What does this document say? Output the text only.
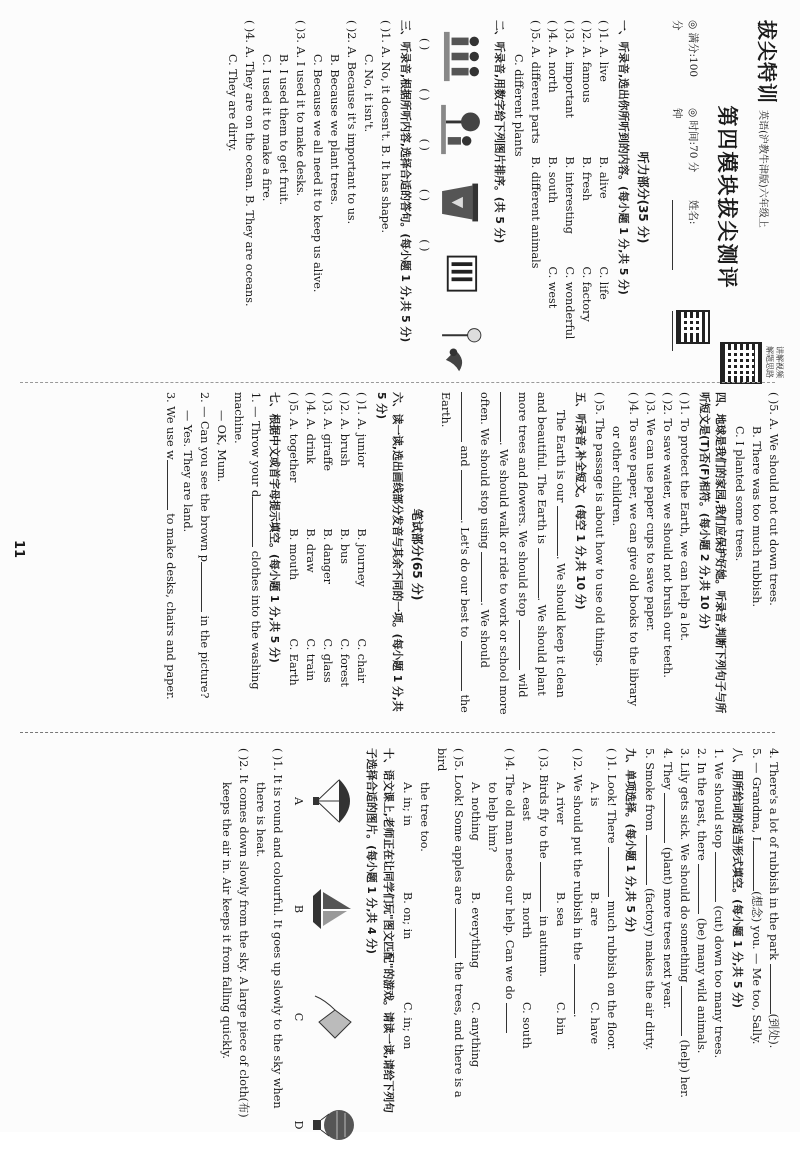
拔尖特训
英语(沪教牛津版)六年级上
第四模块拔尖测评
讲解视频 解题思路
◎ 满分:100 分
◎ 时间:70 分钟
姓名:
听力部分(35 分)
一、听录音,选出你所听到的内容。(每小题 1 分,共 5 分)
( )1. A. liveB. aliveC. life
( )2. A. famousB. freshC. factory
( )3. A. importantB. interestingC. wonderful
( )4. A. northB. southC. west
( )5. A. different partsB. different animals
C. different plants
二、听录音,用数字给下列图片排序。(共 5 分)
( )
( )
( )
( )
( )
三、听录音,根据所听内容,选择合适的答句。(每小题 1 分,共 5 分)
( )1. A. No, it doesn't. B. It has shape.
C. No, it isn't.
( )2. A. Because it's important to us.
B. Because we plant trees.
C. Because we all need it to keep us alive.
( )3. A. I used it to make desks.
B. I used them to get fruit.
C. I used it to make a fire.
( )4. A. They are on the ocean. B. They are oceans.
C. They are dirty.
( )5. A. We should not cut down trees.
B. There was too much rubbish.
C. I planted some trees.
四、地球是我们的家园,我们应保护好她。听录音,判断下列句子与所听短文是(T)否(F)相符。(每小题 2 分,共 10 分)
( )1. To protect the Earth, we can help a lot.
( )2. To save water, we should not brush our teeth.
( )3. We can use paper cups to save paper.
( )4. To save paper, we can give old books to the library or other children.
( )5. The passage is about how to use old things.
五、听录音,补全短文。(每空 1 分,共 10 分)
The Earth is our . We should keep it clean and beautiful. The Earth is . We should plant more trees and flowers. We should stop  wild . We should walk or ride to work or school more often. We should stop using . We should  and . Let's do our best to  the Earth.
笔试部分(65 分)
六、读一读,选出画线部分发音与其余不同的一项。(每小题 1 分,共 5 分)
( )1. A. juniorB. journeyC. chair
( )2. A. brushB. busC. forest
( )3. A. giraffeB. dangerC. glass
( )4. A. drinkB. drawC. train
( )5. A. togetherB. mouthC. Earth
七、根据中文或首字母提示填空。(每小题 1 分,共 5 分)
1. — Throw your d clothes into the washing machine.
— OK, Mum.
2. — Can you see the brown p in the picture?
— Yes. They are land.
3. We use w to make desks, chairs and paper.
11
4. There's a lot of rubbish in the park (到处).
5. — Grandma, I(想念) you. — Me too, Sally.
八、用所给词的适当形式填空。(每小题 1 分,共 5 分)
1. We should stop  (cut) down too many trees.
2. In the past, there  (be) many wild animals.
3. Lily gets sick. We should do something  (help) her.
4. They  (plant) more trees next year.
5. Smoke from  (factory) makes the air dirty.
九、单项选择。(每小题 1 分,共 5 分)
( )1. Look! There  much rubbish on the floor.
A. isB. areC. have
( )2. We should put the rubbish in the .
A. riverB. seaC. bin
( )3. Birds fly to the  in autumn.
A. eastB. northC. south
( )4. The old man needs our help. Can we do
to help him?
A. nothingB. everythingC. anything
( )5. Look! Some apples are  the trees, and there is a bird
the tree too.
A. in; inB. on; inC. in; on
十、语文课上,老师正在让同学们玩"图文匹配"的游戏。请读一读,请给下列句子选择合适的图片。(每小题 1 分,共 4 分)
A
B
C
D
( )1. It is round and colourful. It goes up slowly to the sky when there is heat.
( )2. It comes down slowly from the sky. A large piece of cloth(布) keeps the air in. Air keeps it from falling quickly.
